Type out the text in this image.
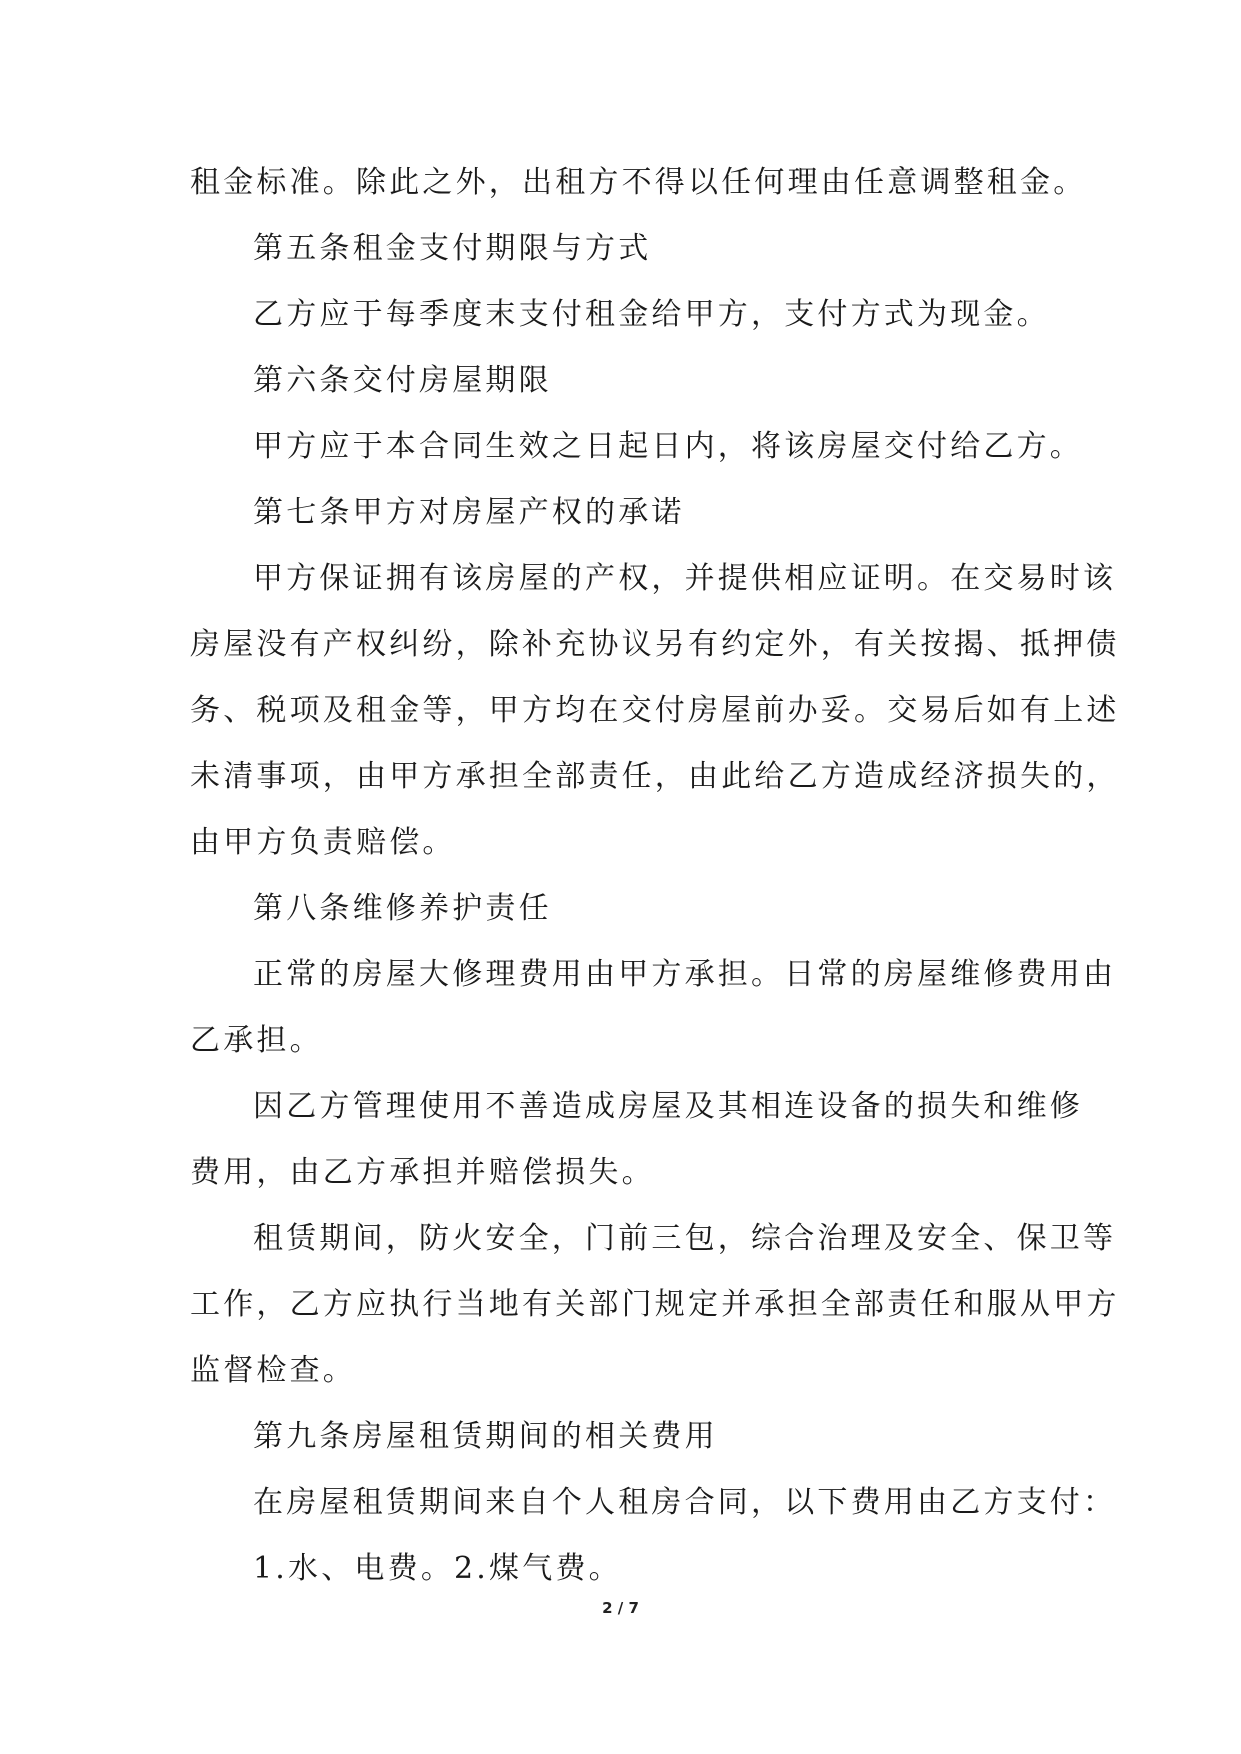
租金标准。除此之外，出租方不得以任何理由任意调整租金。
第五条租金支付期限与方式
乙方应于每季度末支付租金给甲方，支付方式为现金。
第六条交付房屋期限
甲方应于本合同生效之日起日内，将该房屋交付给乙方。
第七条甲方对房屋产权的承诺
甲方保证拥有该房屋的产权，并提供相应证明。在交易时该
房屋没有产权纠纷，除补充协议另有约定外，有关按揭、抵押债
务、税项及租金等，甲方均在交付房屋前办妥。交易后如有上述
未清事项，由甲方承担全部责任，由此给乙方造成经济损失的，
由甲方负责赔偿。
第八条维修养护责任
正常的房屋大修理费用由甲方承担。日常的房屋维修费用由
乙承担。
因乙方管理使用不善造成房屋及其相连设备的损失和维修
费用，由乙方承担并赔偿损失。
租赁期间，防火安全，门前三包，综合治理及安全、保卫等
工作，乙方应执行当地有关部门规定并承担全部责任和服从甲方
监督检查。
第九条房屋租赁期间的相关费用
在房屋租赁期间来自个人租房合同，以下费用由乙方支付：
1.水、电费。2.煤气费。
2 / 7
